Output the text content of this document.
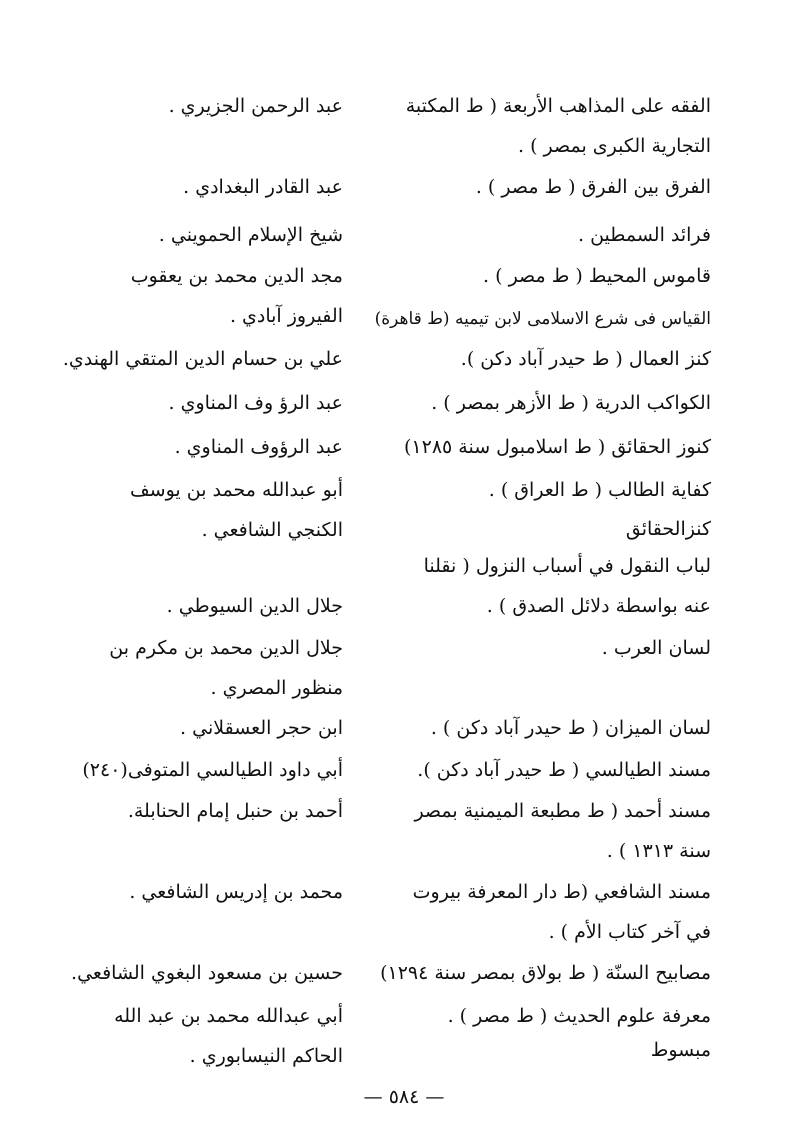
الفقه على المذاهب الأربعة ( ط المكتبة
التجارية الكبرى بمصر ) .
عبد الرحمن الجزيري .
الفرق بين الفرق ( ط مصر ) .
عبد القادر البغدادي .
فرائد السمطين .
شيخ الإسلام الحمويني .
قاموس المحيط ( ط مصر ) .
مجد الدين محمد بن يعقوب
الفيروز آبادي . القياس فى شرع الاسلامى لابن تيميه (ط قاهرة)
كنز العمال ( ط حيدر آباد دكن ).
علي بن حسام الدين المتقي الهندي.
الكواكب الدرية ( ط الأزهر بمصر ) .
عبد الرؤ وف المناوي .
كنوز الحقائق ( ط اسلامبول سنة ١٢٨٥)
عبد الرؤوف المناوي .
كفاية الطالب ( ط العراق ) .
أبو عبدالله محمد بن يوسف
الكنجي الشافعي .	كنزالحقائق
لباب النقول في أسباب النزول ( نقلنا
عنه بواسطة دلائل الصدق ) .
جلال الدين السيوطي .
لسان العرب .
جلال الدين محمد بن مكرم بن
منظور المصري .
لسان الميزان ( ط حيدر آباد دكن ) .
ابن حجر العسقلاني .
مسند الطيالسي ( ط حيدر آباد دكن ).
أبي داود الطيالسي المتوفى(٢٤٠)
مسند أحمد ( ط مطبعة الميمنية بمصر
سنة ١٣١٣ ) .
أحمد بن حنبل إمام الحنابلة.
مسند الشافعي (ط دار المعرفة بيروت
في آخر كتاب الأم ) .
محمد بن إدريس الشافعي .
مصابيح السنّة ( ط بولاق بمصر سنة ١٢٩٤)
حسين بن مسعود البغوي الشافعي.
معرفة علوم الحديث ( ط مصر ) .
مبسوط
أبي عبدالله محمد بن عبد الله
الحاكم النيسابوري .
— ٥٨٤ —
